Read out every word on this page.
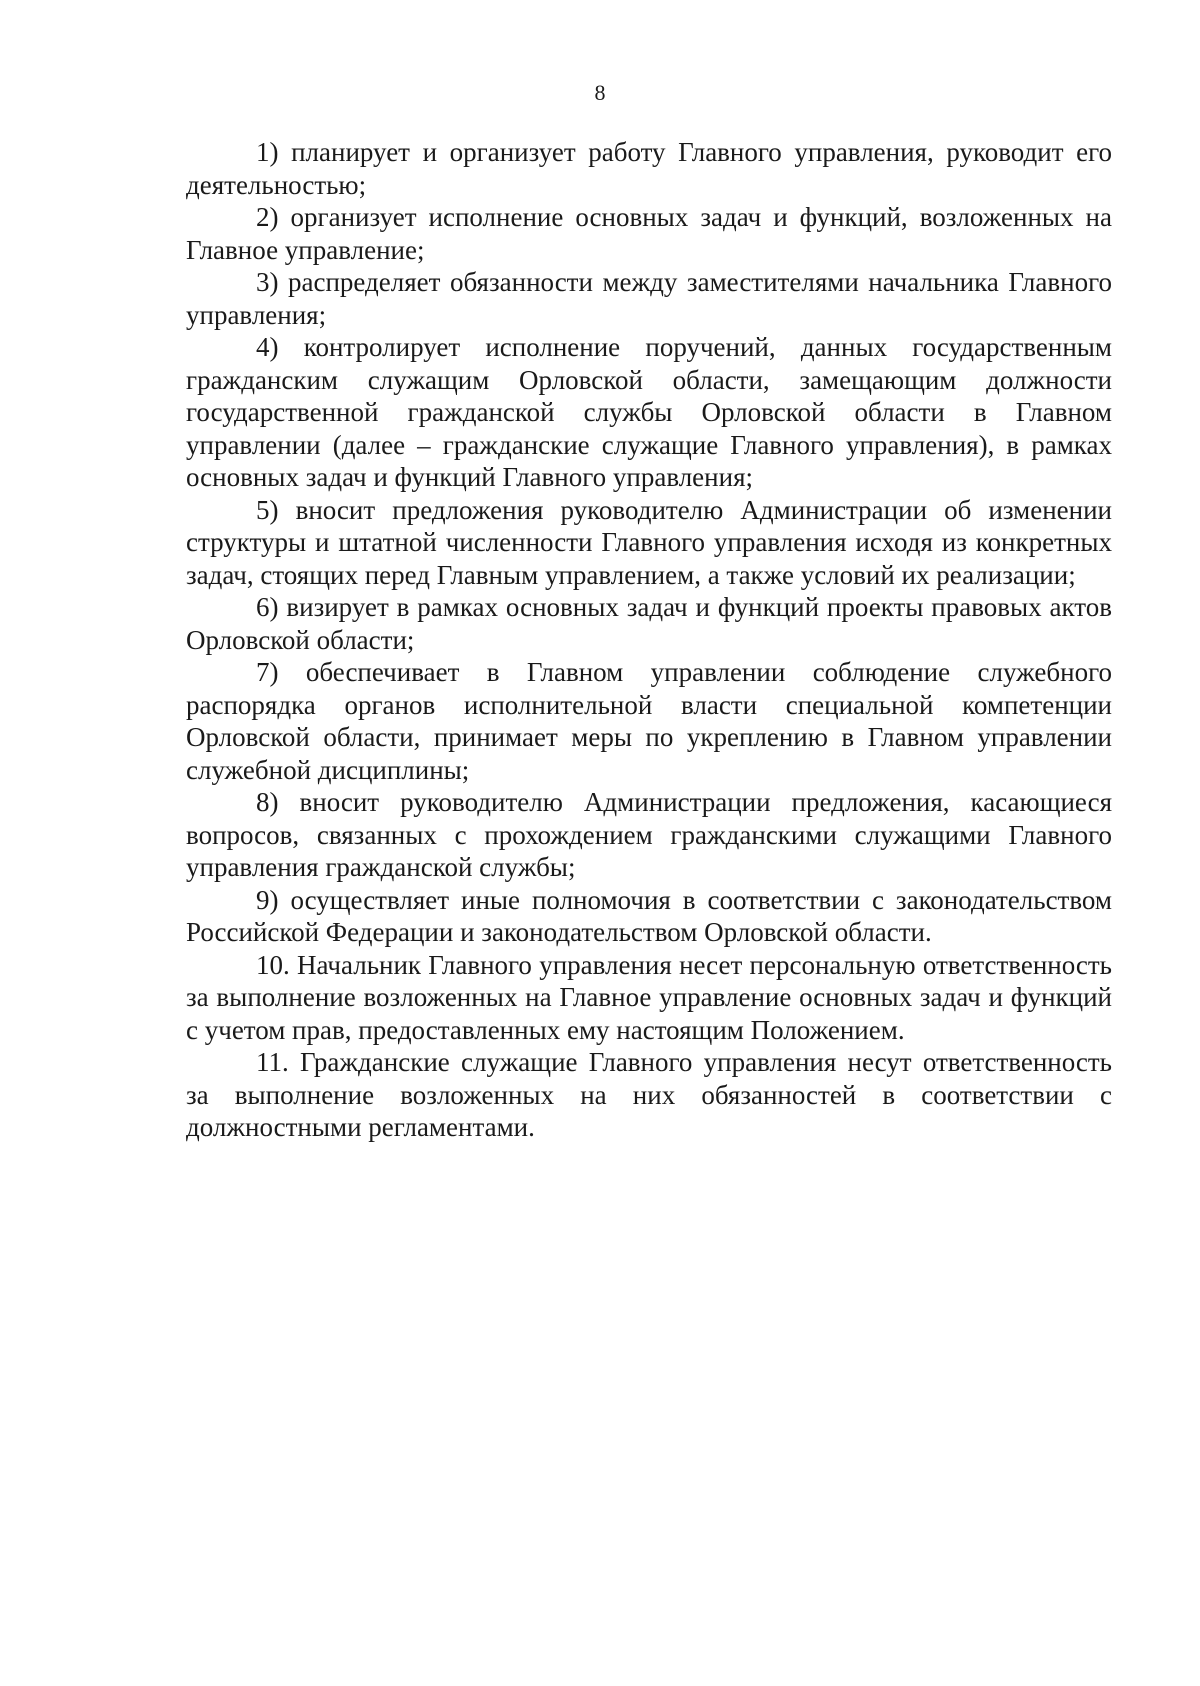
8

1) планирует и организует работу Главного управления, руководит его деятельностью;

2) организует исполнение основных задач и функций, возложенных на Главное управление;

3) распределяет обязанности между заместителями начальника Главного управления;

4) контролирует исполнение поручений, данных государственным гражданским служащим Орловской области, замещающим должности государственной гражданской службы Орловской области в Главном управлении (далее – гражданские служащие Главного управления), в рамках основных задач и функций Главного управления;

5) вносит предложения руководителю Администрации об изменении структуры и штатной численности Главного управления исходя из конкретных задач, стоящих перед Главным управлением, а также условий их реализации;

6) визирует в рамках основных задач и функций проекты правовых актов Орловской области;

7) обеспечивает в Главном управлении соблюдение служебного распорядка органов исполнительной власти специальной компетенции Орловской области, принимает меры по укреплению в Главном управлении служебной дисциплины;

8) вносит руководителю Администрации предложения, касающиеся вопросов, связанных с прохождением гражданскими служащими Главного управления гражданской службы;

9) осуществляет иные полномочия в соответствии с законодательством Российской Федерации и законодательством Орловской области.

10. Начальник Главного управления несет персональную ответственность за выполнение возложенных на Главное управление основных задач и функций с учетом прав, предоставленных ему настоящим Положением.

11. Гражданские служащие Главного управления несут ответственность за выполнение возложенных на них обязанностей в соответствии с должностными регламентами.
